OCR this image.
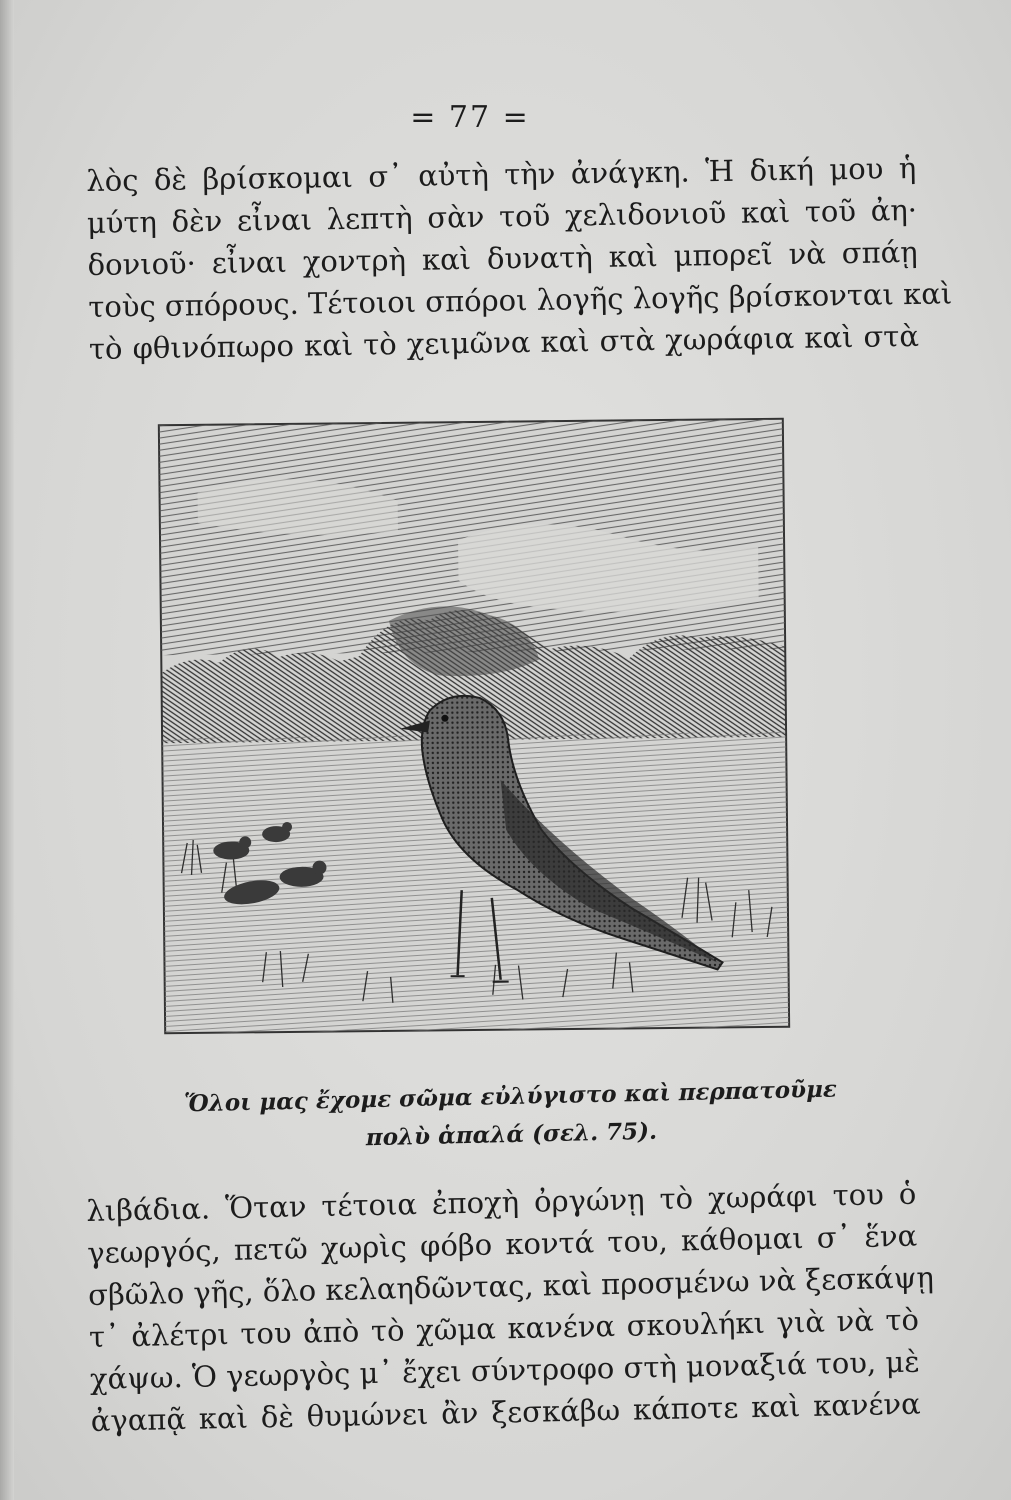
= 77 =
λὸς δὲ βρίσκομαι σ᾽ αὐτὴ τὴν ἀνάγκη. Ἡ δική μου ἡ
μύτη δὲν εἶναι λεπτὴ σὰν τοῦ χελιδονιοῦ καὶ τοῦ ἀη·
δονιοῦ· εἶναι χοντρὴ καὶ δυνατὴ καὶ μπορεῖ νὰ σπάῃ
τοὺς σπόρους. Τέτοιοι σπόροι λογῆς λογῆς βρίσκονται καὶ
τὸ φθινόπωρο καὶ τὸ χειμῶνα καὶ στὰ χωράφια καὶ στὰ
Ὅλοι μας ἔχομε σῶμα εὐλύγιστο καὶ περπατοῦμε
πολὺ ἁπαλά (σελ. 75).
λιβάδια. Ὅταν τέτοια ἐποχὴ ὀργώνῃ τὸ χωράφι του ὁ
γεωργός, πετῶ χωρὶς φόβο κοντά του, κάθομαι σ᾽ ἕνα
σβῶλο γῆς, ὅλο κελαηδῶντας, καὶ προσμένω νὰ ξεσκάψῃ
τ᾽ ἀλέτρι του ἀπὸ τὸ χῶμα κανένα σκουλήκι γιὰ νὰ τὸ
χάψω. Ὁ γεωργὸς μ᾽ ἔχει σύντροφο στὴ μοναξιά του, μὲ
ἀγαπᾷ καὶ δὲ θυμώνει ἂν ξεσκάβω κάποτε καὶ κανένα
